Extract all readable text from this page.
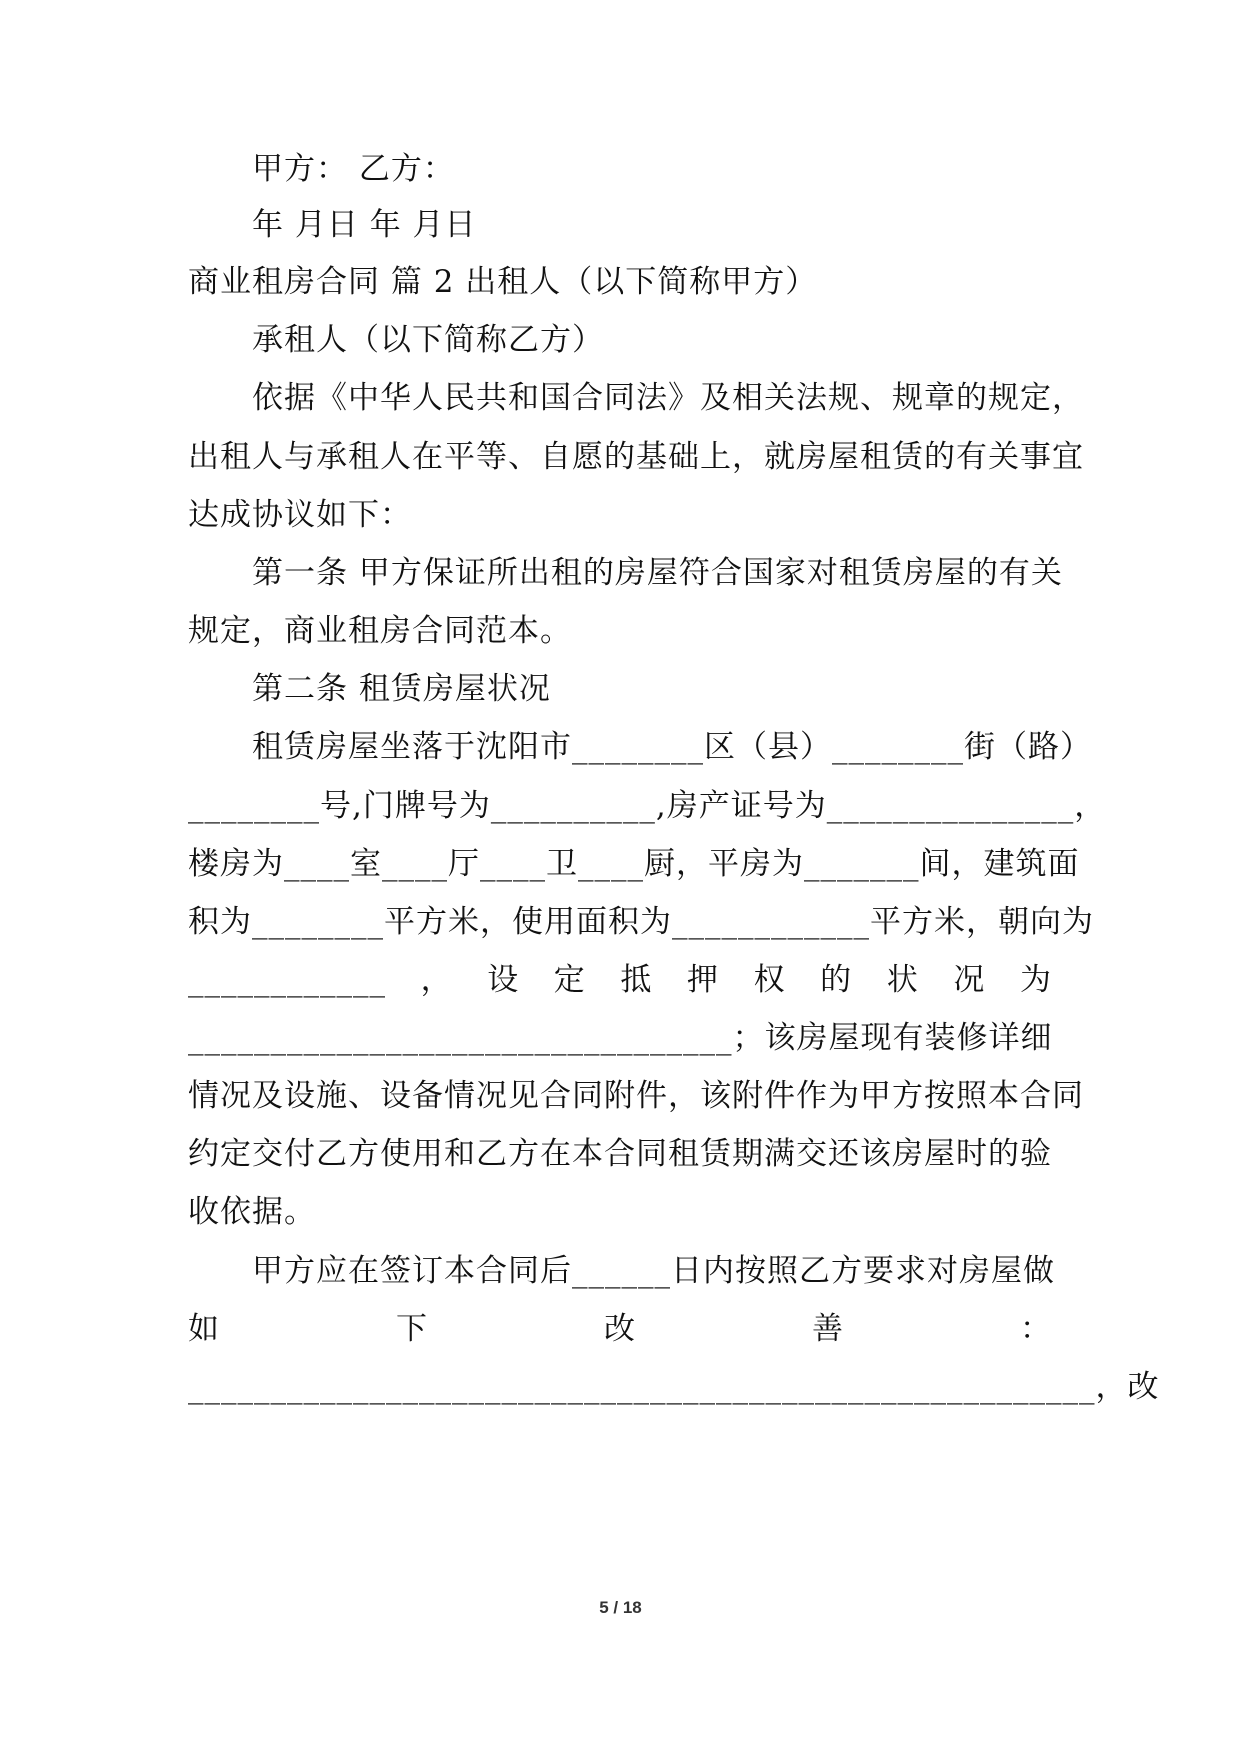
甲方： 乙方：
年 月日 年 月日
商业租房合同 篇 2 出租人（以下简称甲方）
承租人（以下简称乙方）
依据《中华人民共和国合同法》及相关法规、规章的规定，
出租人与承租人在平等、自愿的基础上，就房屋租赁的有关事宜
达成协议如下：
第一条 甲方保证所出租的房屋符合国家对租赁房屋的有关
规定，商业租房合同范本。
第二条 租赁房屋状况
租赁房屋坐落于沈阳市________区（县）________街（路）
________号,门牌号为__________,房产证号为_______________，
楼房为____室____厅____卫____厨，平房为_______间，建筑面
积为________平方米，使用面积为____________平方米，朝向为
____________ ， 设 定 抵 押 权 的 状 况 为
_________________________________；该房屋现有装修详细
情况及设施、设备情况见合同附件，该附件作为甲方按照本合同
约定交付乙方使用和乙方在本合同租赁期满交还该房屋时的验
收依据。
甲方应在签订本合同后______日内按照乙方要求对房屋做
如	下	改	善	：
_______________________________________________________，改
5 / 18
